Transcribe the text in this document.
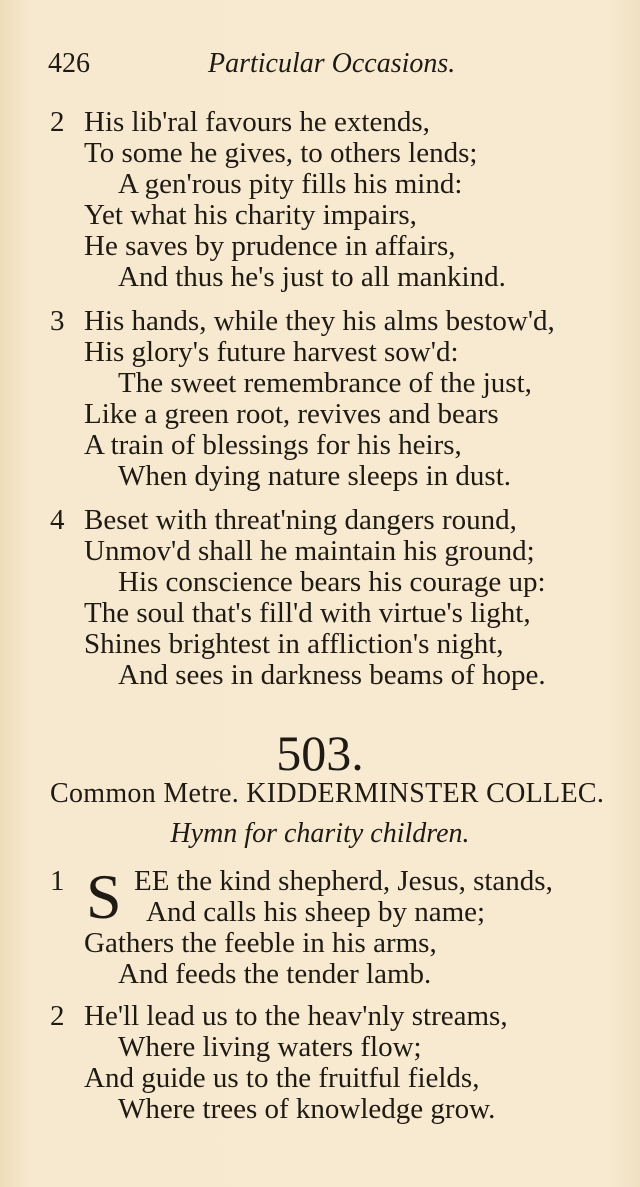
426	Particular Occasions.
2 His lib'ral favours he extends,
To some he gives, to others lends;
A gen'rous pity fills his mind:
Yet what his charity impairs,
He saves by prudence in affairs,
And thus he's just to all mankind.
3 His hands, while they his alms bestow'd,
His glory's future harvest sow'd:
The sweet remembrance of the just,
Like a green root, revives and bears
A train of blessings for his heirs,
When dying nature sleeps in dust.
4 Beset with threat'ning dangers round,
Unmov'd shall he maintain his ground;
His conscience bears his courage up:
The soul that's fill'd with virtue's light,
Shines brightest in affliction's night,
And sees in darkness beams of hope.
503.
Common Metre. KIDDERMINSTER COLLEC.
Hymn for charity children.
1 S EE the kind shepherd, Jesus, stands,
And calls his sheep by name;
Gathers the feeble in his arms,
And feeds the tender lamb.
2 He'll lead us to the heav'nly streams,
Where living waters flow;
And guide us to the fruitful fields,
Where trees of knowledge grow.
